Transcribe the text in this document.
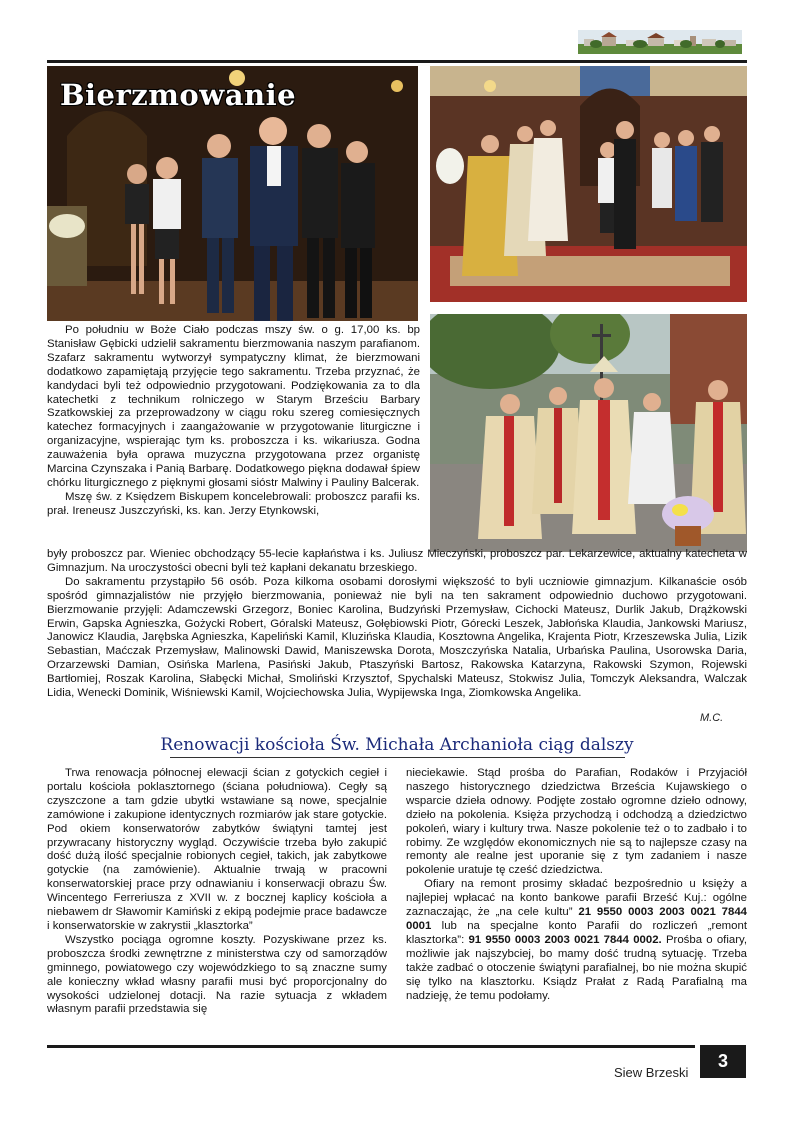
Bierzmowanie

Po południu w Boże Ciało podczas mszy św. o g. 17,00 ks. bp Stanisław Gębicki udzielił sakramentu bierzmowania naszym parafianom. Szafarz sakramentu wytworzył sympatyczny klimat, że bierzmowani dodatkowo zapamiętają przyjęcie tego sakramentu. Trzeba przyznać, że kandydaci byli też odpowiednio przygotowani. Podziękowania za to dla katechetki z technikum rolniczego w Starym Brześciu Barbary Szatkowskiej za przeprowadzony w ciągu roku szereg comiesięcznych katechez formacyjnych i zaangażowanie w przygotowanie liturgiczne i organizacyjne, wspierając tym ks. proboszcza i ks. wikariusza. Godna zauważenia była oprawa muzyczna przygotowana przez organistę Marcina Czynszaka i Panią Barbarę. Dodatkowego piękna dodawał śpiew chórku liturgicznego z pięknymi głosami sióstr Malwiny i Pauliny Balcerak.

Mszę św. z Księdzem Biskupem koncelebrowali: proboszcz parafii ks. prał. Ireneusz Juszczyński, ks. kan. Jerzy Etynkowski,

były proboszcz par. Wieniec obchodzący 55-lecie kapłaństwa i ks. Juliusz Mieczyński, proboszcz par. Lekarzewice, aktualny katecheta w Gimnazjum. Na uroczystości obecni byli też kapłani dekanatu brzeskiego.

Do sakramentu przystąpiło 56 osób. Poza kilkoma osobami dorosłymi większość to byli uczniowie gimnazjum. Kilkanaście osób spośród gimnazjalistów nie przyjęło bierzmowania, ponieważ nie byli na ten sakrament odpowiednio duchowo przygotowani. Bierzmowanie przyjęli: Adamczewski Grzegorz, Boniec Karolina, Budzyński Przemysław, Cichocki Mateusz, Durlik Jakub, Drążkowski Erwin, Gapska Agnieszka, Gożycki Robert, Góralski Mateusz, Gołębiowski Piotr, Górecki Leszek, Jabłońska Klaudia, Jankowski Mariusz, Janowicz Klaudia, Jarębska Agnieszka, Kapeliński Kamil, Kluzińska Klaudia, Kosztowna Angelika, Krajenta Piotr, Krzeszewska Julia, Lizik Sebastian, Maćczak Przemysław, Malinowski Dawid, Maniszewska Dorota, Moszczyńska Natalia, Urbańska Paulina, Usorowska Daria, Orzarzewski Damian, Osińska Marlena, Pasiński Jakub, Ptaszyński Bartosz, Rakowska Katarzyna, Rakowski Szymon, Rojewski Bartłomiej, Roszak Karolina, Słabęcki Michał, Smoliński Krzysztof, Spychalski Mateusz, Stokwisz Julia, Tomczyk Aleksandra, Walczak Lidia, Wenecki Dominik, Wiśniewski Kamil, Wojciechowska Julia, Wypijewska Inga, Ziomkowska Angelika.

M.C.
Renowacji kościoła Św. Michała Archanioła ciąg dalszy

Trwa renowacja północnej elewacji ścian z gotyckich cegieł i portalu kościoła poklasztornego (ściana południowa). Cegły są czyszczone a tam gdzie ubytki wstawiane są nowe, specjalnie zamówione i zakupione identycznych rozmiarów jak stare gotyckie. Pod okiem konserwatorów zabytków świątyni tamtej jest przywracany historyczny wygląd. Oczywiście trzeba było zakupić dość dużą ilość specjalnie robionych cegieł, takich, jak zabytkowe gotyckie (na zamówienie). Aktualnie trwają w pracowni konserwatorskiej prace przy odnawianiu i konserwacji obrazu Św. Wincentego Ferreriusza z XVII w. z bocznej kaplicy kościoła a niebawem dr Sławomir Kamiński z ekipą podejmie prace badawcze i konserwatorskie w zakrystii „klasztorka”

Wszystko pociąga ogromne koszty. Pozyskiwane przez ks. proboszcza środki zewnętrzne z ministerstwa czy od samorządów gminnego, powiatowego czy wojewódzkiego to są znaczne sumy ale konieczny wkład własny parafii musi być proporcjonalny do wysokości udzielonej dotacji. Na razie sytuacja z wkładem własnym parafii przedstawia się

nieciekawie. Stąd prośba do Parafian, Rodaków i Przyjaciół naszego historycznego dziedzictwa Brześcia Kujawskiego o wsparcie dzieła odnowy. Podjęte zostało ogromne dzieło odnowy, dzieło na pokolenia. Księża przychodzą i odchodzą a dziedzictwo pokoleń, wiary i kultury trwa. Nasze pokolenie też o to zadbało i to robimy. Ze względów ekonomicznych nie są to najlepsze czasy na remonty ale realne jest uporanie się z tym zadaniem i nasze pokolenie uratuje tę cześć dziedzictwa.

Ofiary na remont prosimy składać bezpośrednio u księży a najlepiej wpłacać na konto bankowe parafii Brześć Kuj.: ogólne zaznaczając, że „na cele kultu” 21 9550 0003 2003 0021 7844 0001 lub na specjalne konto Parafii do rozliczeń „remont klasztorka”: 91 9550 0003 2003 0021 7844 0002. Prośba o ofiary, możliwie jak najszybciej, bo mamy dość trudną sytuację. Trzeba także zadbać o otoczenie świątyni parafialnej, bo nie można skupić się tylko na klasztorku. Ksiądz Prałat z Radą Parafialną ma nadzieję, że temu podołamy.

Siew Brzeski
3
